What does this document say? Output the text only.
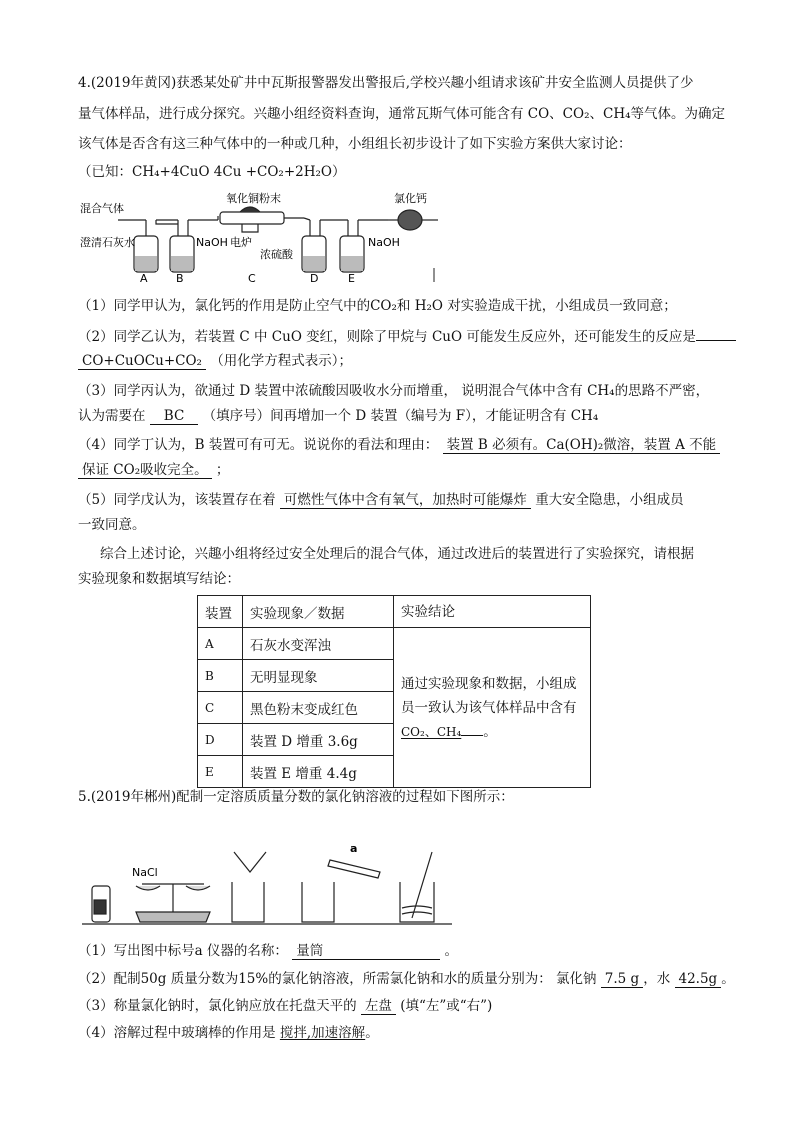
4.(2019年黄冈)获悉某处矿井中瓦斯报警器发出警报后,学校兴趣小组请求该矿井安全监测人员提供了少
量气体样品，进行成分探究。兴趣小组经资料查询，通常瓦斯气体可能含有 CO、CO₂、CH₄等气体。为确定
该气体是否含有这三种气体中的一种或几种，小组组长初步设计了如下实验方案供大家讨论：
（已知：CH₄+4CuO 4Cu +CO₂+2H₂O）
混合气体
氧化铜粉末	氯化钙
澄清石灰水	NaOH 电炉
浓硫酸
NaOH
A	B	C	D	E
（1）同学甲认为，氯化钙的作用是防止空气中的CO₂和 H₂O 对实验造成干扰，小组成员一致同意；
（2）同学乙认为，若装置 C 中 CuO 变红，则除了甲烷与 CuO 可能发生反应外，还可能发生的反应是
CO+CuOCu+CO₂ （用化学方程式表示）；
（3）同学丙认为，欲通过 D 装置中浓硫酸因吸收水分而增重， 说明混合气体中含有 CH₄的思路不严密，
认为需要在 BC （填序号）间再增加一个 D 装置（编号为 F），才能证明含有 CH₄
（4）同学丁认为，B 装置可有可无。说说你的看法和理由： 装置 B 必须有。Ca(OH)₂微溶，装置 A 不能
保证 CO₂吸收完全。 ；
（5）同学戊认为，该装置存在着 可燃性气体中含有氧气，加热时可能爆炸 重大安全隐患，小组成员
一致同意。
综合上述讨论，兴趣小组将经过安全处理后的混合气体，通过改进后的装置进行了实验探究，请根据
实验现象和数据填写结论：
装置	实验现象／数据	实验结论
A	石灰水变浑浊	通过实验现象和数据，小组成
员一致认为该气体样品中含有
CO₂、CH₄ 。
B	无明显现象	
C	黑色粉末变成红色	
D	装置 D 增重 3.6g	
E	装置 E 增重 4.4g	
5.(2019年郴州)配制一定溶质质量分数的氯化钠溶液的过程如下图所示：
NaCl
a
（1）写出图中标号a 仪器的名称： 量筒	。
（2）配制50g 质量分数为15%的氯化钠溶液，所需氯化钠和水的质量分别为： 氯化钠 7.5 g ，水 42.5g 。
（3）称量氯化钠时，氯化钠应放在托盘天平的 左盘 (填“左”或“右”)
（4）溶解过程中玻璃棒的作用是 搅拌,加速溶解。
